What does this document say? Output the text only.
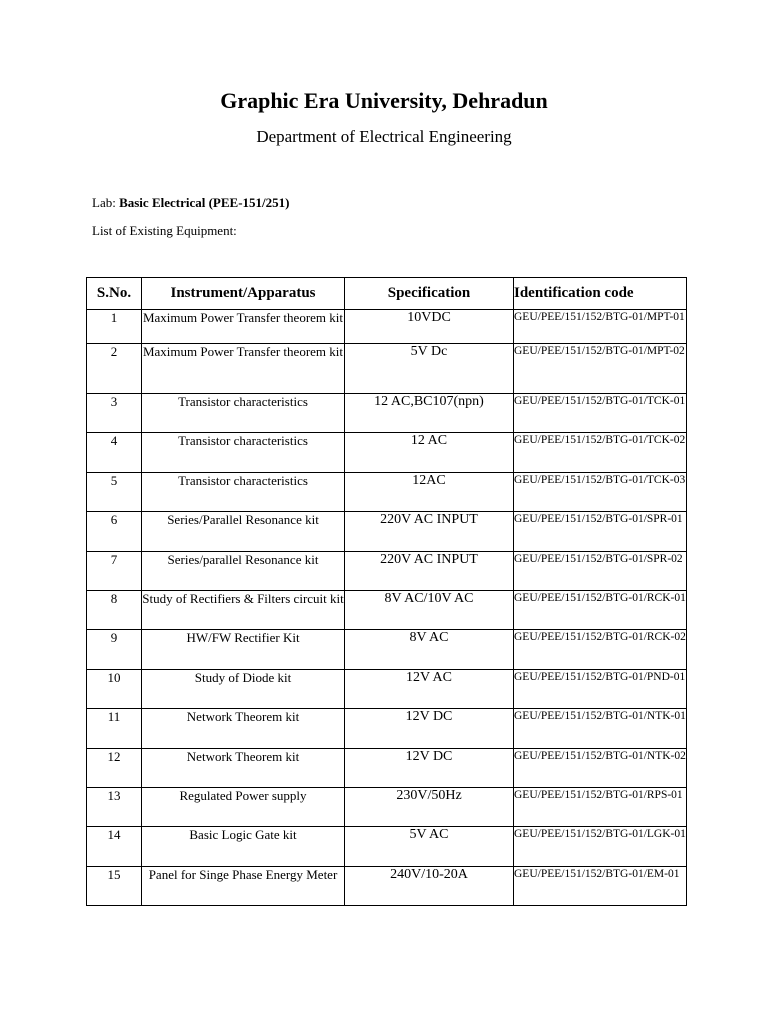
Graphic Era University, Dehradun
Department of Electrical Engineering
Lab: Basic Electrical (PEE-151/251)
List of Existing Equipment:
S.No.	Instrument/Apparatus	Specification	Identification code
1	Maximum Power Transfer theorem kit	10VDC	GEU/PEE/151/152/BTG-01/MPT-01
2	Maximum Power Transfer theorem kit	5V Dc	GEU/PEE/151/152/BTG-01/MPT-02
3	Transistor characteristics	12 AC,BC107(npn)	GEU/PEE/151/152/BTG-01/TCK-01
4	Transistor characteristics	12 AC	GEU/PEE/151/152/BTG-01/TCK-02
5	Transistor characteristics	12AC	GEU/PEE/151/152/BTG-01/TCK-03
6	Series/Parallel Resonance kit	220V AC INPUT	GEU/PEE/151/152/BTG-01/SPR-01
7	Series/parallel Resonance kit	220V AC INPUT	GEU/PEE/151/152/BTG-01/SPR-02
8	Study of Rectifiers & Filters circuit kit	8V AC/10V AC	GEU/PEE/151/152/BTG-01/RCK-01
9	HW/FW Rectifier Kit	8V AC	GEU/PEE/151/152/BTG-01/RCK-02
10	Study of Diode kit	12V AC	GEU/PEE/151/152/BTG-01/PND-01
11	Network Theorem kit	12V DC	GEU/PEE/151/152/BTG-01/NTK-01
12	Network Theorem kit	12V DC	GEU/PEE/151/152/BTG-01/NTK-02
13	Regulated Power supply	230V/50Hz	GEU/PEE/151/152/BTG-01/RPS-01
14	Basic Logic Gate kit	5V AC	GEU/PEE/151/152/BTG-01/LGK-01
15	Panel for Singe Phase Energy Meter	240V/10-20A	GEU/PEE/151/152/BTG-01/EM-01
